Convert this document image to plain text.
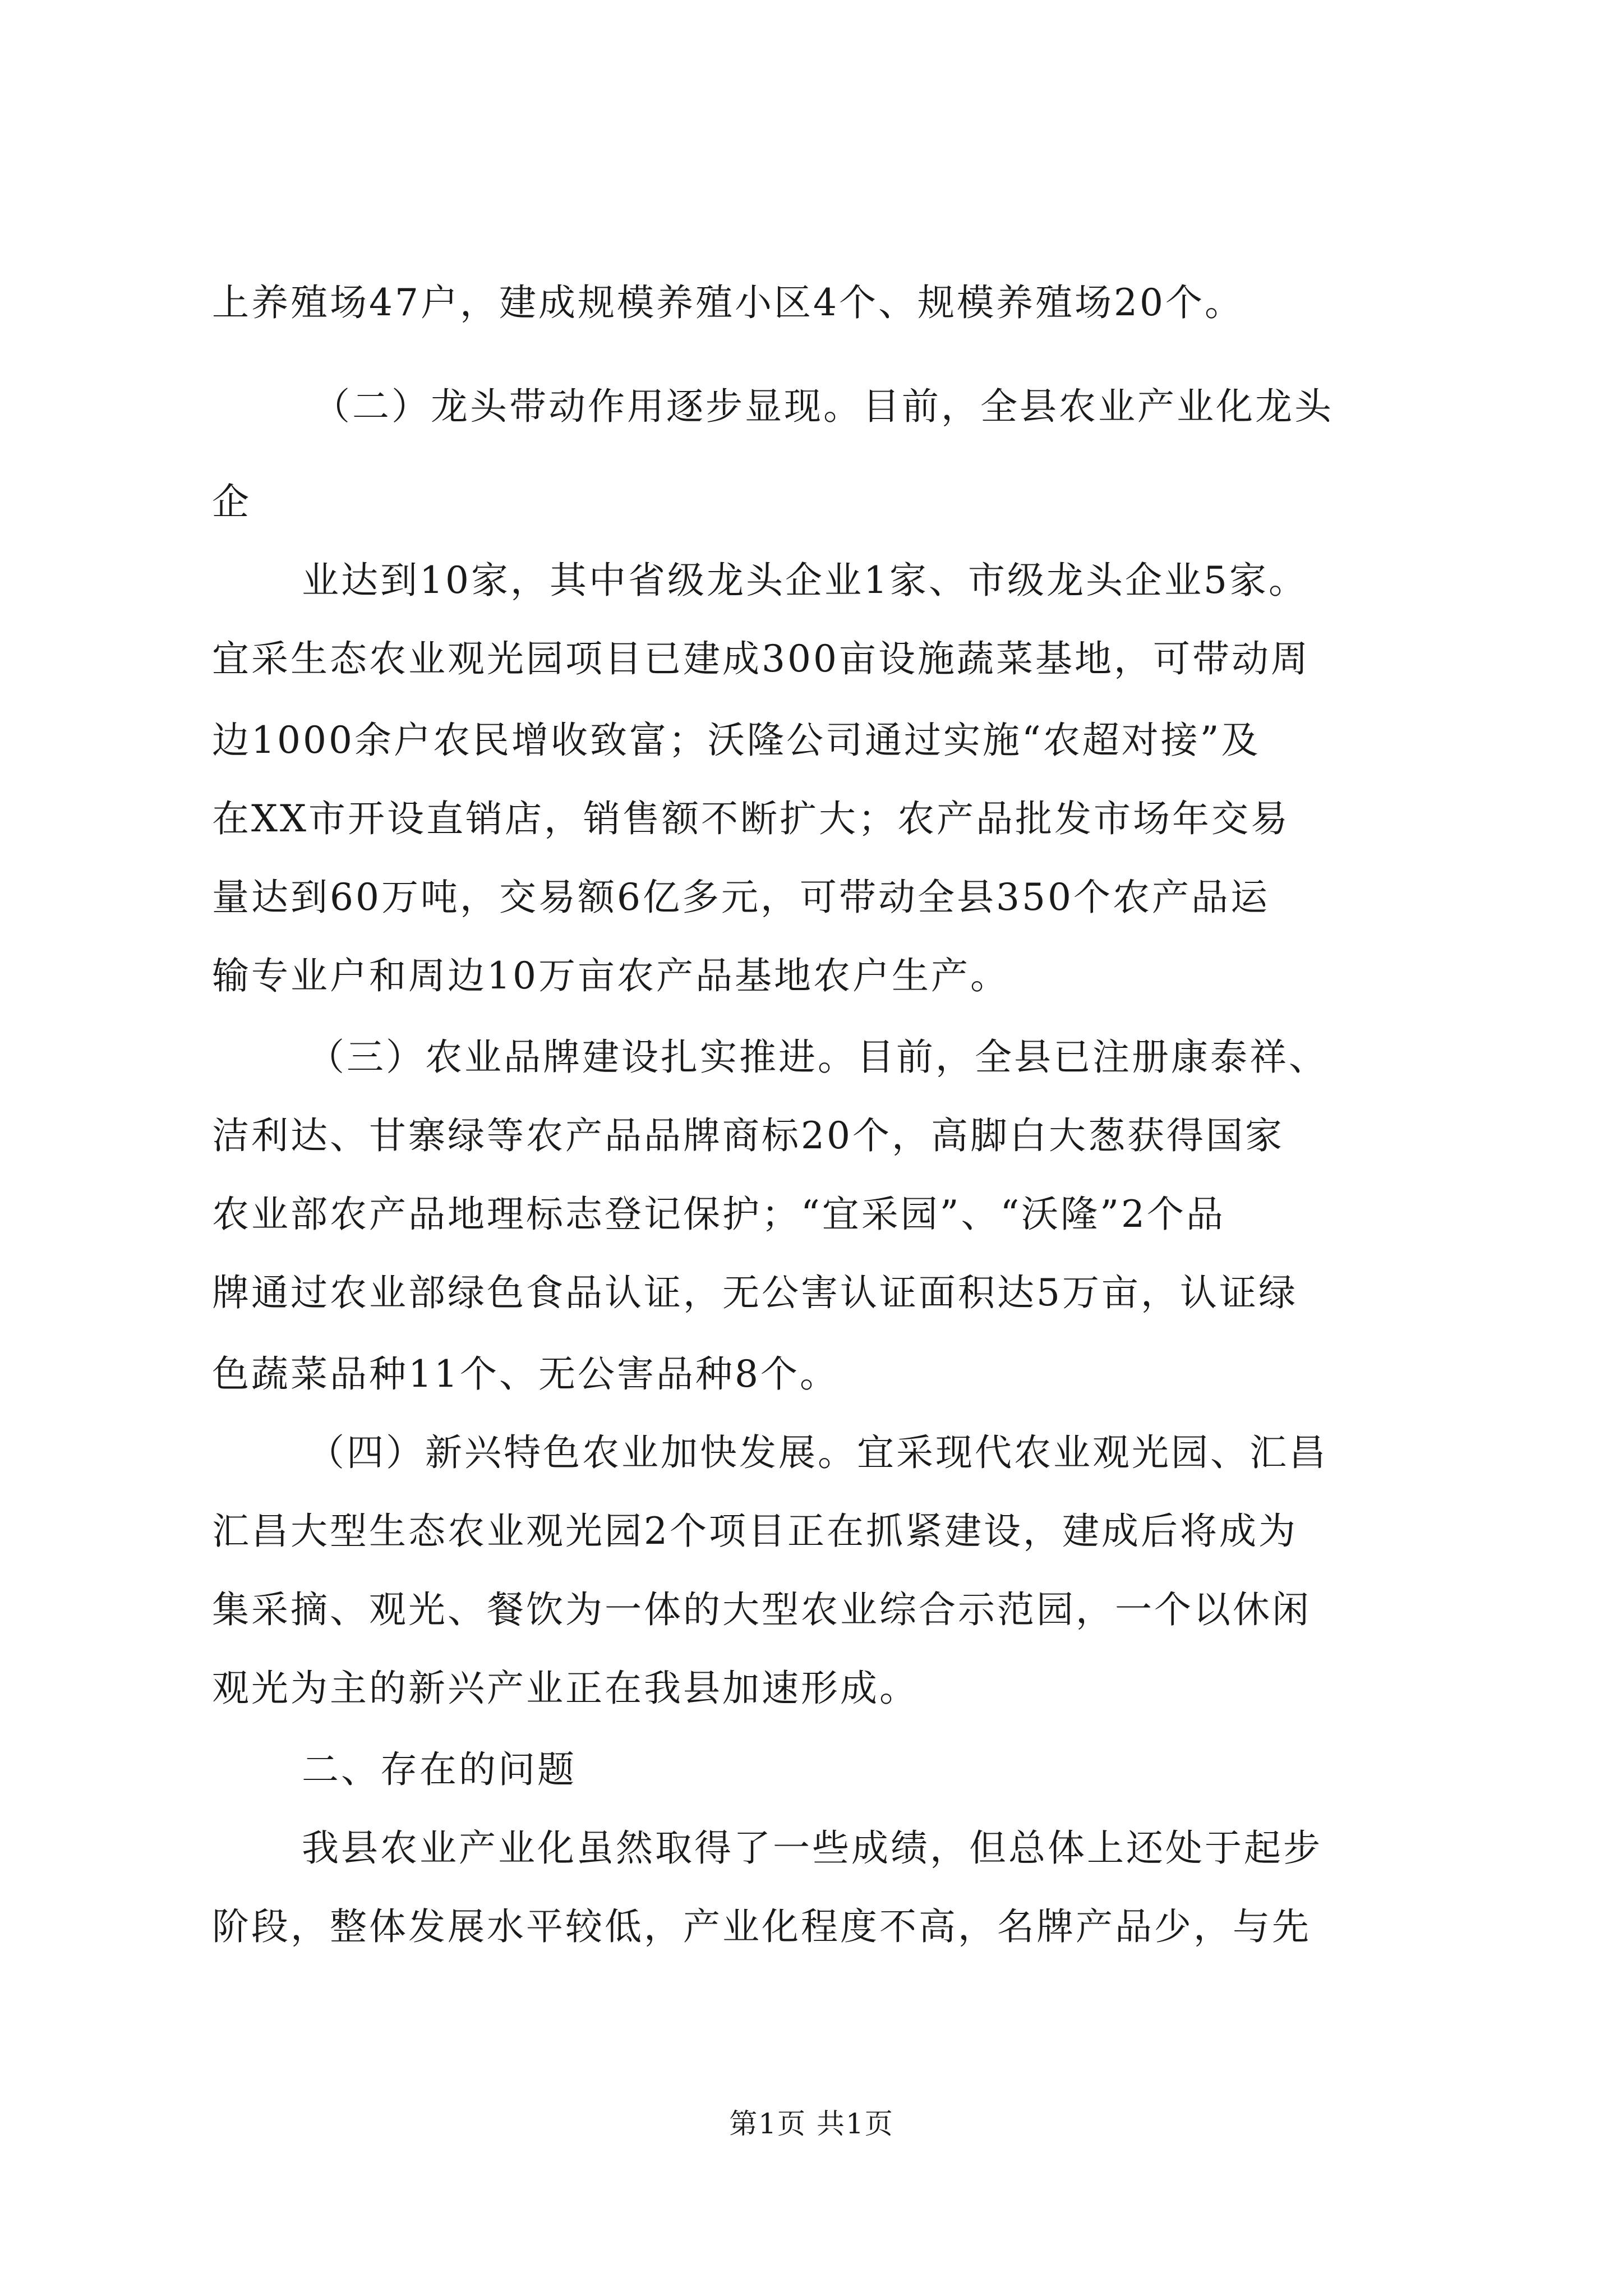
上养殖场47户，建成规模养殖小区4个、规模养殖场20个。
（二）龙头带动作用逐步显现。目前，全县农业产业化龙头
企
业达到10家，其中省级龙头企业1家、市级龙头企业5家。
宜采生态农业观光园项目已建成300亩设施蔬菜基地，可带动周
边1000余户农民增收致富；沃隆公司通过实施“农超对接”及
在XX市开设直销店，销售额不断扩大；农产品批发市场年交易
量达到60万吨，交易额6亿多元，可带动全县350个农产品运
输专业户和周边10万亩农产品基地农户生产。
（三）农业品牌建设扎实推进。目前，全县已注册康泰祥、
洁利达、甘寨绿等农产品品牌商标20个，高脚白大葱获得国家
农业部农产品地理标志登记保护；“宜采园”、“沃隆”2个品
牌通过农业部绿色食品认证，无公害认证面积达5万亩，认证绿
色蔬菜品种11个、无公害品种8个。
（四）新兴特色农业加快发展。宜采现代农业观光园、汇昌
汇昌大型生态农业观光园2个项目正在抓紧建设，建成后将成为
集采摘、观光、餐饮为一体的大型农业综合示范园，一个以休闲
观光为主的新兴产业正在我县加速形成。
二、存在的问题
我县农业产业化虽然取得了一些成绩，但总体上还处于起步
阶段，整体发展水平较低，产业化程度不高，名牌产品少，与先
第1页 共1页
